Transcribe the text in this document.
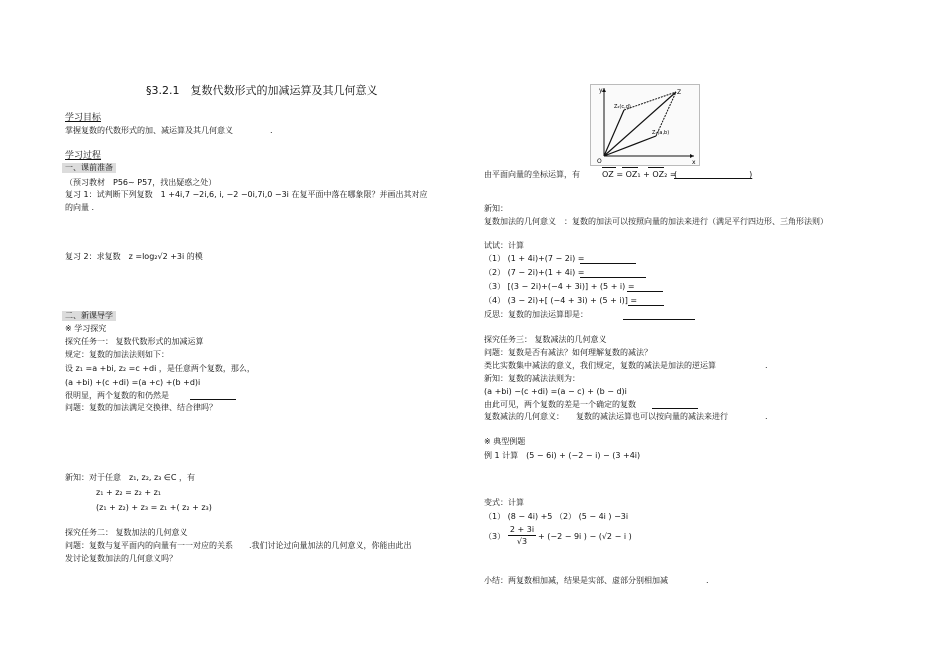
§3.2.1　复数代数形式的加减运算及其几何意义
学习目标
掌握复数的代数形式的加、减运算及其几何意义	.
学习过程
一、课前准备
（预习教材　P56~ P57，找出疑惑之处）
复习 1：试判断下列复数　1 +4i,7 −2i,6, i, −2 −0i,7i,0 −3i 在复平面中落在哪象限？并画出其对应
的向量 .
复习 2：求复数　z =log₂√2 +3i 的模
二、新课导学
※ 学习探究
探究任务一： 复数代数形式的加减运算
规定：复数的加法法则如下：
设 z₁ =a +bi, z₂ =c +di ，是任意两个复数，那么，
(a +bi) +(c +di) =(a +c) +(b +d)i
很明显，两个复数的和仍然是
问题：复数的加法满足交换律、结合律吗？
新知：对于任意　z₁, z₂, z₃ ∈C ，有
z₁ + z₂ = z₂ + z₁
(z₁ + z₂) + z₃ = z₁ +( z₂ + z₃)
探究任务二： 复数加法的几何意义
问题：复数与复平面内的向量有一一对应的关系　　.我们讨论过向量加法的几何意义，你能由此出
发讨论复数加法的几何意义吗？
y
x
O
Z
Z₂(c,d)
Z₁(a,b)
由平面向量的坐标运算，有	OZ = OZ₁ + OZ₂ =
(　　　　　　　　　)
新知：
复数加法的几何意义　：复数的加法可以按照向量的加法来进行（满足平行四边形、三角形法则）
试试：计算
（1） (1 + 4i)+(7 − 2i) =
（2） (7 − 2i)+(1 + 4i) =
（3） [(3 − 2i)+(−4 + 3i)] + (5 + i) =
（4） (3 − 2i)+[ (−4 + 3i) + (5 + i)] =
反思：复数的加法运算即是：
探究任务三： 复数减法的几何意义
问题：复数是否有减法？如何理解复数的减法？
类比实数集中减法的意义，我们规定，复数的减法是加法的逆运算	.
新知：复数的减法法则为：
(a +bi) −(c +di) =(a − c) + (b − d)i
由此可见，两个复数的差是一个确定的复数
复数减法的几何意义：　　复数的减法运算也可以按向量的减法来进行	.
※ 典型例题
例 1 计算　(5 − 6i) + (−2 − i) − (3 +4i)
变式：计算
（1） (8 − 4i) +5 （2） (5 − 4i ) −3i
（3）
2 + 3i
√3
+ (−2 − 9i ) − (√2 − i )
小结：两复数相加减，结果是实部、虚部分别相加减	.
